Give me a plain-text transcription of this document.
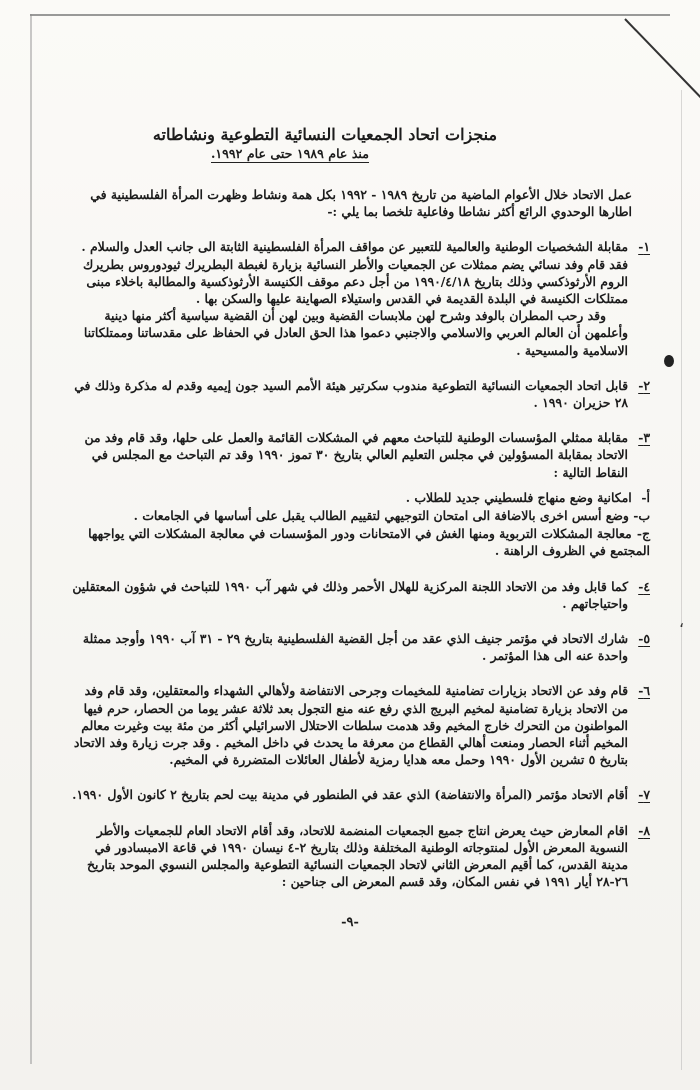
،
منجزات اتحاد الجمعيات النسائية التطوعية ونشاطاته
منذ عام ١٩٨٩ حتى عام ١٩٩٢.

عمل الاتحاد خلال الأعوام الماضية من تاريخ ١٩٨٩ - ١٩٩٢ بكل همة ونشاط وظهرت المرأة الفلسطينية في اطارها الوحدوي الرائع أكثر نشاطا وفاعلية تلخصا بما يلي :-

١-

مقابلة الشخصيات الوطنية والعالمية للتعبير عن مواقف المرأة الفلسطينية الثابتة الى جانب العدل والسلام . فقد قام وفد نسائي يضم ممثلات عن الجمعيات والأطر النسائية بزيارة لغبطة البطريرك ثيودوروس بطريرك الروم الأرثوذكسي وذلك بتاريخ ١٩٩٠/٤/١٨ من أجل دعم موقف الكنيسة الأرثوذكسية والمطالبة باخلاء مبنى ممتلكات الكنيسة في البلدة القديمة في القدس واستيلاء الصهاينة عليها والسكن بها .

وقد رحب المطران بالوفد وشرح لهن ملابسات القضية وبين لهن أن القضية سياسية أكثر منها دينية وأعلمهن أن العالم العربي والاسلامي والاجنبي دعموا هذا الحق العادل في الحفاظ على مقدساتنا وممتلكاتنا الاسلامية والمسيحية .

٢-

قابل اتحاد الجمعيات النسائية التطوعية مندوب سكرتير هيئة الأمم السيد جون إيميه وقدم له مذكرة وذلك في ٢٨ حزيران ١٩٩٠ .

٣-

مقابلة ممثلي المؤسسات الوطنية للتباحث معهم في المشكلات القائمة والعمل على حلها، وقد قام وفد من الاتحاد بمقابلة المسؤولين في مجلس التعليم العالي بتاريخ ٣٠ تموز ١٩٩٠ وقد تم التباحث مع المجلس في النقاط التالية :

أ- امكانية وضع منهاج فلسطيني جديد للطلاب .
ب- وضع أسس اخرى بالاضافة الى امتحان التوجيهي لتقييم الطالب يقبل على أساسها في الجامعات .
ج- معالجة المشكلات التربوية ومنها الغش في الامتحانات ودور المؤسسات في معالجة المشكلات التي يواجهها المجتمع في الظروف الراهنة .
٤-

كما قابل وفد من الاتحاد اللجنة المركزية للهلال الأحمر وذلك في شهر آب ١٩٩٠ للتباحث في شؤون المعتقلين واحتياجاتهم .

٥-

شارك الاتحاد في مؤتمر جنيف الذي عقد من أجل القضية الفلسطينية بتاريخ ٢٩ - ٣١ آب ١٩٩٠ وأوجد ممثلة واحدة عنه الى هذا المؤتمر .

٦-

قام وفد عن الاتحاد بزيارات تضامنية للمخيمات وجرحى الانتفاضة ولأهالي الشهداء والمعتقلين، وقد قام وفد من الاتحاد بزيارة تضامنية لمخيم البريج الذي رفع عنه منع التجول بعد ثلاثة عشر يوما من الحصار، حرم فيها المواطنون من التحرك خارج المخيم وقد هدمت سلطات الاحتلال الاسرائيلي أكثر من مئة بيت وغيرت معالم المخيم أثناء الحصار ومنعت أهالي القطاع من معرفة ما يحدث في داخل المخيم . وقد جرت زيارة وفد الاتحاد بتاريخ ٥ تشرين الأول ١٩٩٠ وحمل معه هدايا رمزية لأطفال العائلات المتضررة في المخيم.

٧-

أقام الاتحاد مؤتمر (المرأة والانتفاضة) الذي عقد في الطنطور في مدينة بيت لحم بتاريخ ٢ كانون الأول ١٩٩٠.

٨-

اقام المعارض حيث يعرض انتاج جميع الجمعيات المنضمة للاتحاد، وقد أقام الاتحاد العام للجمعيات والأطر النسوية المعرض الأول لمنتوجاته الوطنية المختلفة وذلك بتاريخ ٢-٤ نيسان ١٩٩٠ في قاعة الامبسادور في مدينة القدس، كما أقيم المعرض الثاني لاتحاد الجمعيات النسائية التطوعية والمجلس النسوي الموحد بتاريخ ٢٦-٢٨ أيار ١٩٩١ في نفس المكان، وقد قسم المعرض الى جناحين :

-٩-
